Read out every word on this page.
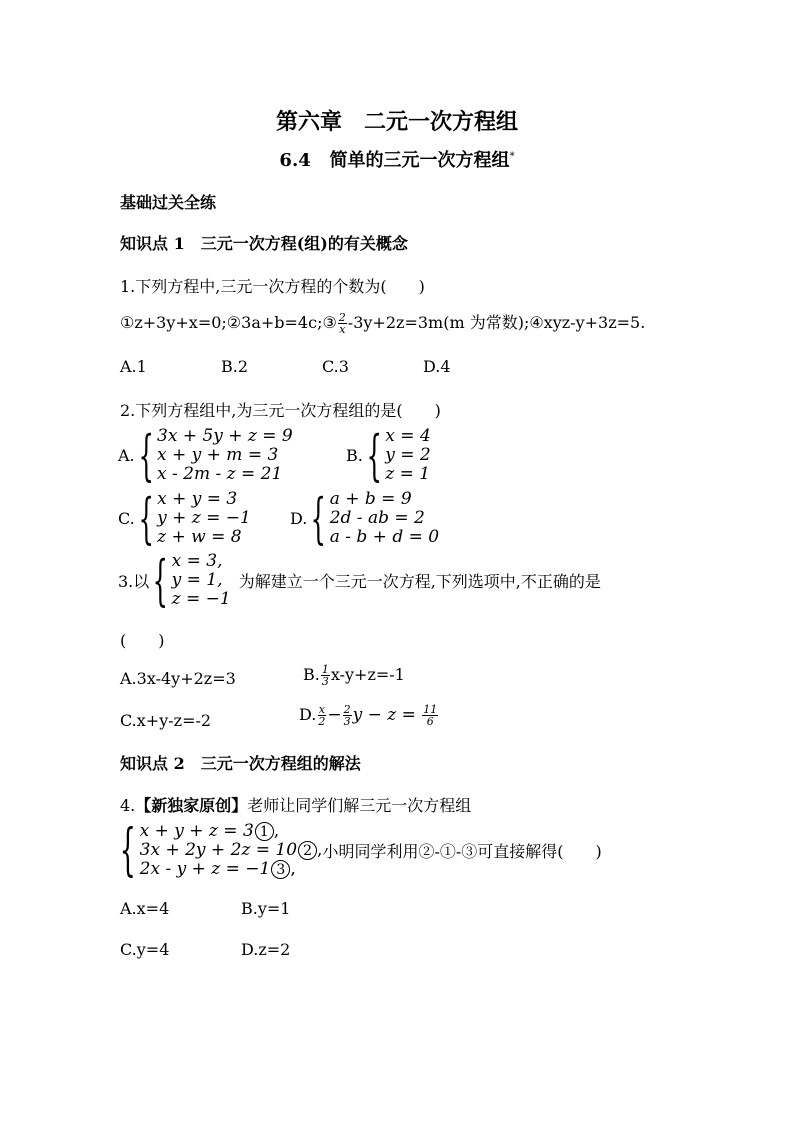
第六章　二元一次方程组
6.4 简单的三元一次方程组*
基础过关全练
知识点 1　三元一次方程(组)的有关概念
1.下列方程中,三元一次方程的个数为(　　)
①z+3y+x=0;②3a+b=4c;③ $\frac{2}{x} -3y+2z=3m(m$ 为常数);④xyz-y+3z=5.
A.1	B.2	C.3	D.4
2.下列方程组中,为三元一次方程组的是(　　)
A. { 3x + 5y + z = 9
x + y + m = 3
x - 2m - z = 21
B. { x = 4
y = 2
z = 1
C. { x + y = 3
y + z = −1
z + w = 8
D. { a + b = 9
2d - ab = 2
a - b + d = 0
3.以 { x = 3,
y = 1,
z = −1
为解建立一个三元一次方程,下列选项中,不正确的是
(　　)
A.3x-4y+2z=3	B. $\frac{1}{3} x-y+z=-1$
C.x+y-z=-2	D. $\frac{x}{2} - \frac{2}{3}$ $y - z = \frac{11}{6}$
知识点 2　三元一次方程组的解法
4.【新独家原创】老师让同学们解三元一次方程组
{ x + y + z = 3 1 ,
3x + 2y + 2z = 10 2 ,
2x - y + z = −1 3 ,
小明同学利用②-①-③可直接解得(　　)
A.x=4	B.y=1
C.y=4	D.z=2
